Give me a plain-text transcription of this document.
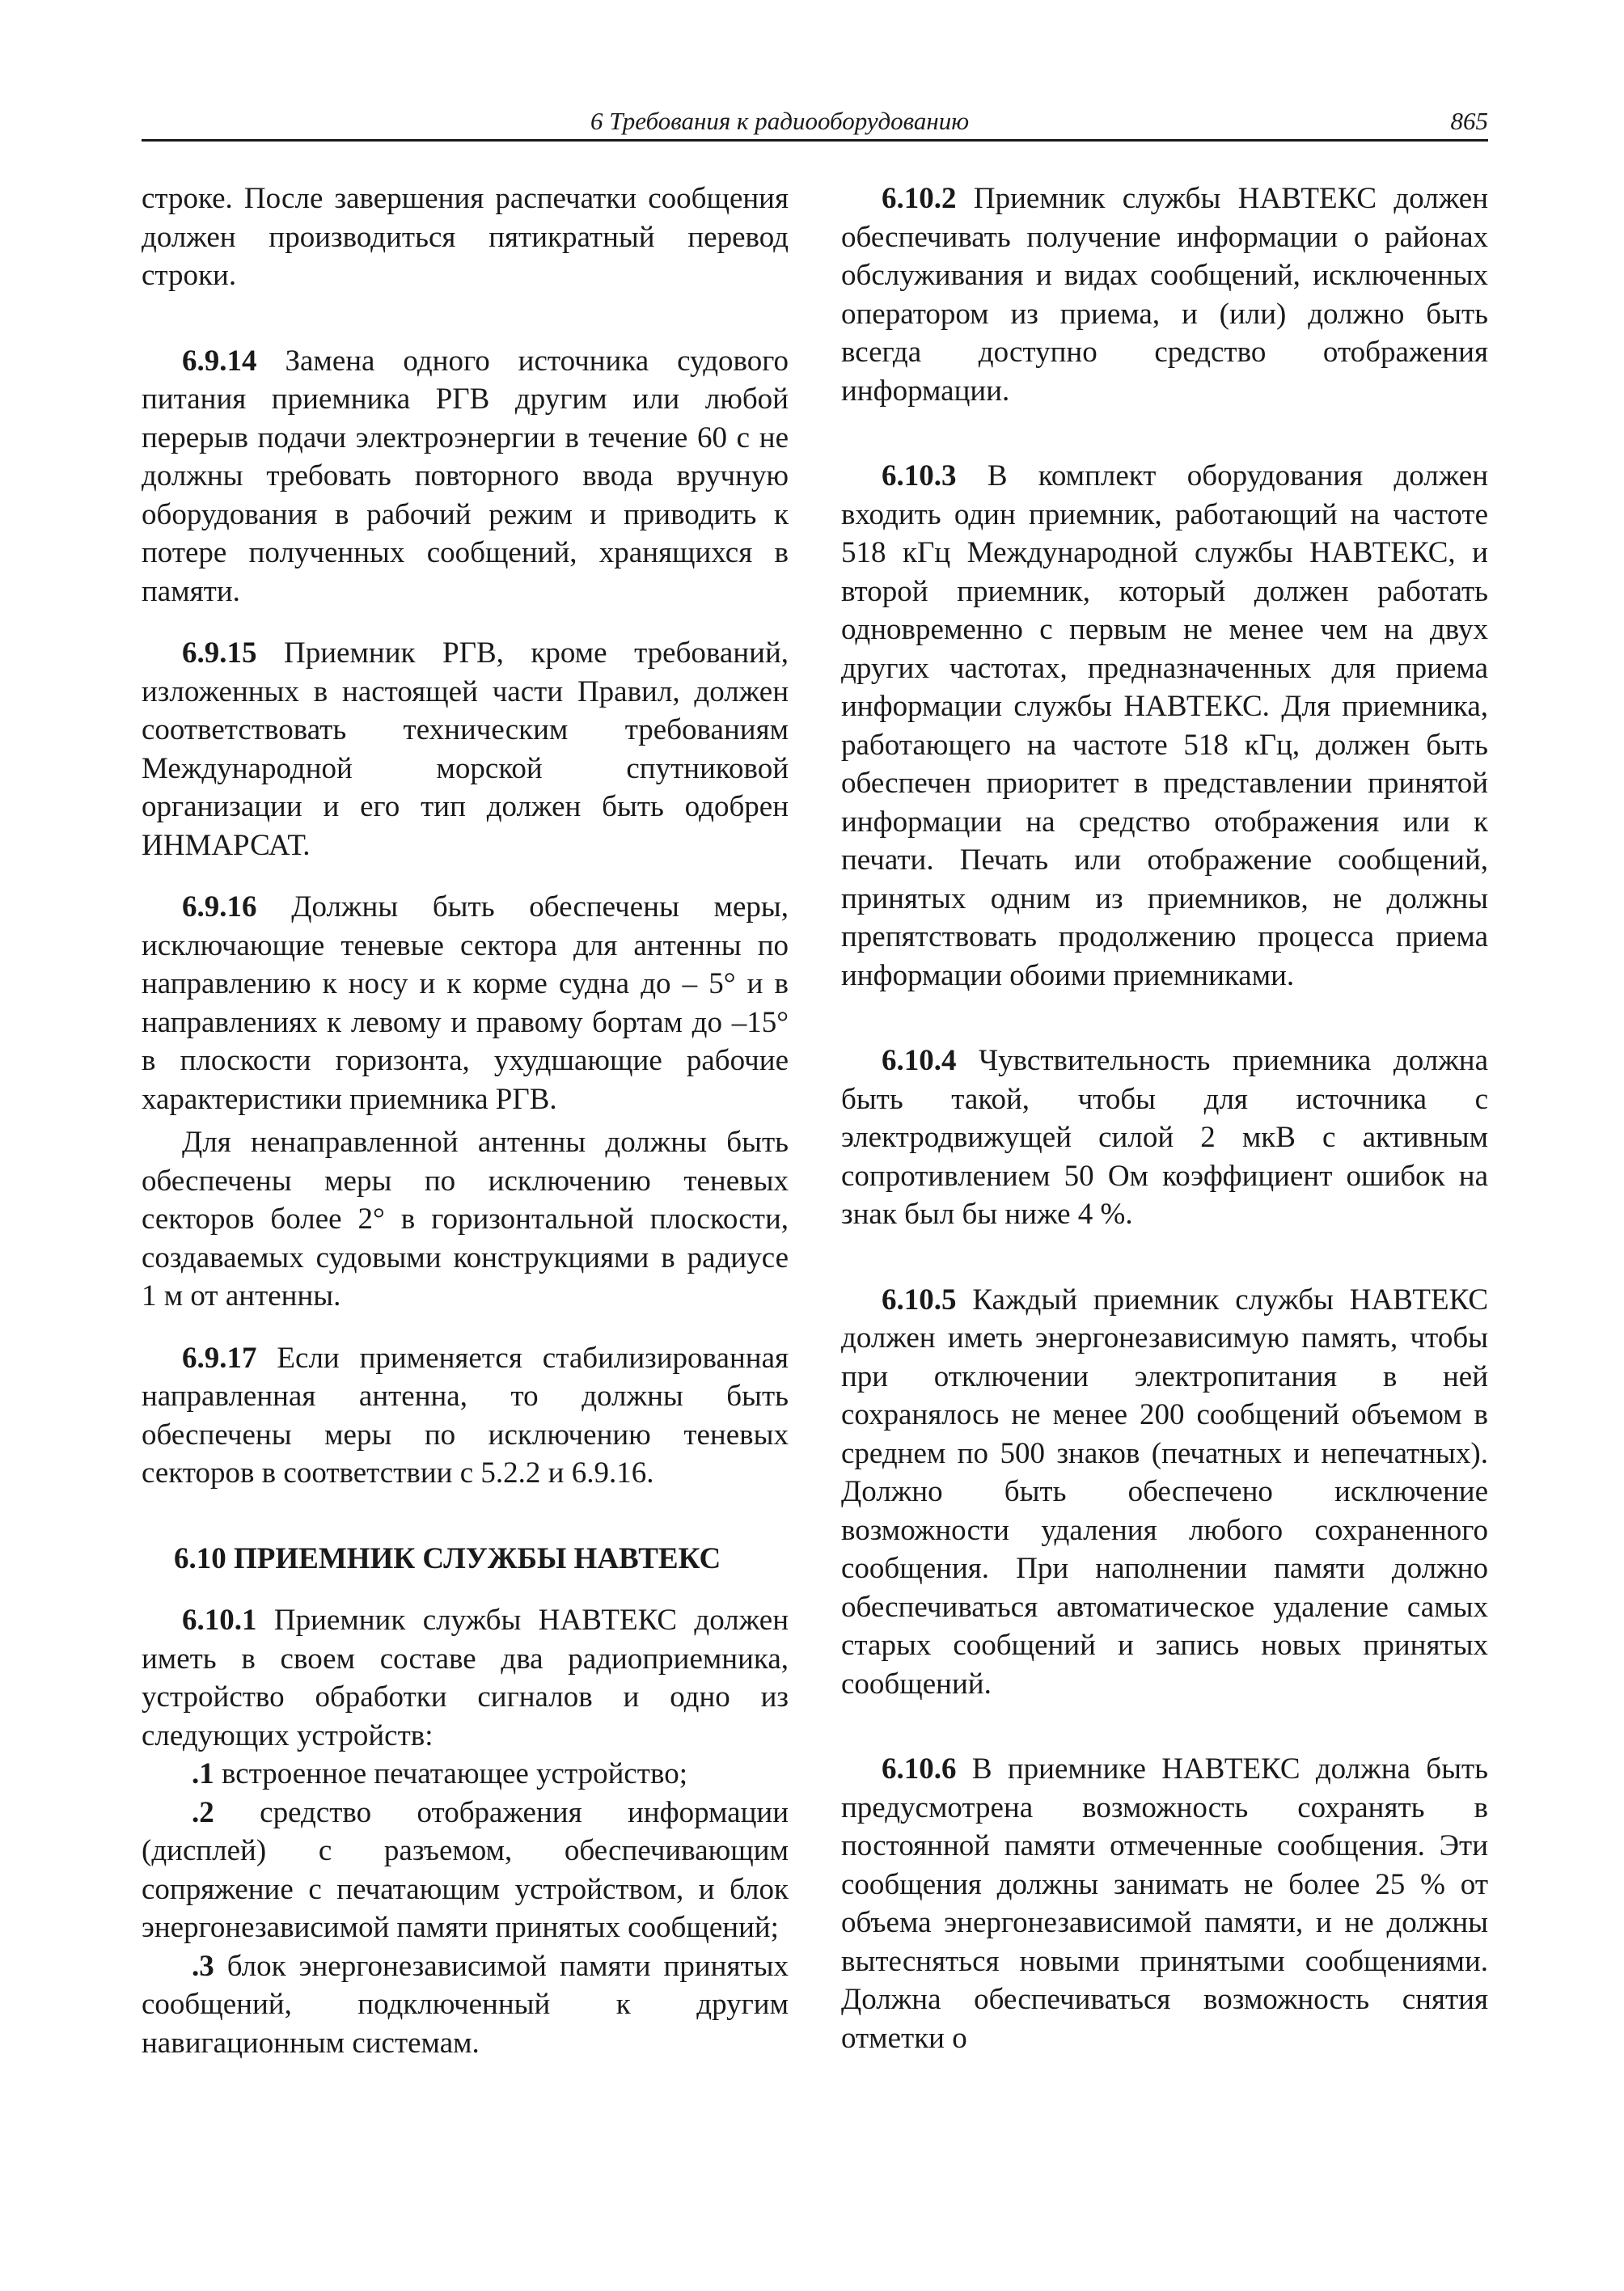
6 Требования к радиооборудованию	865

строке. После завершения распечатки сообщения должен производиться пятикратный перевод строки.

6.9.14 Замена одного источника судового питания приемника РГВ другим или любой перерыв подачи электроэнергии в течение 60 с не должны требовать повторного ввода вручную оборудования в рабочий режим и приводить к потере полученных сообщений, хранящихся в памяти.

6.9.15 Приемник РГВ, кроме требований, изложенных в настоящей части Правил, должен соответствовать техническим требованиям Международной морской спутниковой организации и его тип должен быть одобрен ИНМАРСАТ.

6.9.16 Должны быть обеспечены меры, исключающие теневые сектора для антенны по направлению к носу и к корме судна до – 5° и в направлениях к левому и правому бортам до –15° в плоскости горизонта, ухудшающие рабочие характеристики приемника РГВ.

Для ненаправленной антенны должны быть обеспечены меры по исключению теневых секторов более 2° в горизонтальной плоскости, создаваемых судовыми конструкциями в радиусе 1 м от антенны.

6.9.17 Если применяется стабилизированная направленная антенна, то должны быть обеспечены меры по исключению теневых секторов в соответствии с 5.2.2 и 6.9.16.

6.10 ПРИЕМНИК СЛУЖБЫ НАВТЕКС

6.10.1 Приемник службы НАВТЕКС должен иметь в своем составе два радиоприемника, устройство обработки сигналов и одно из следующих устройств:

.1 встроенное печатающее устройство;

.2 средство отображения информации (дисплей) с разъемом, обеспечивающим сопряжение с печатающим устройством, и блок энергонезависимой памяти принятых сообщений;

.3 блок энергонезависимой памяти принятых сообщений, подключенный к другим навигационным системам.

6.10.2 Приемник службы НАВТЕКС должен обеспечивать получение информации о районах обслуживания и видах сообщений, исключенных оператором из приема, и (или) должно быть всегда доступно средство отображения информации.

6.10.3 В комплект оборудования должен входить один приемник, работающий на частоте 518 кГц Международной службы НАВТЕКС, и второй приемник, который должен работать одновременно с первым не менее чем на двух других частотах, предназначенных для приема информации службы НАВТЕКС. Для приемника, работающего на частоте 518 кГц, должен быть обеспечен приоритет в представлении принятой информации на средство отображения или к печати. Печать или отображение сообщений, принятых одним из приемников, не должны препятствовать продолжению процесса приема информации обоими приемниками.

6.10.4 Чувствительность приемника должна быть такой, чтобы для источника с электродвижущей силой 2 мкВ с активным сопротивлением 50 Ом коэффициент ошибок на знак был бы ниже 4 %.

6.10.5 Каждый приемник службы НАВТЕКС должен иметь энергонезависимую память, чтобы при отключении электропитания в ней сохранялось не менее 200 сообщений объемом в среднем по 500 знаков (печатных и непечатных). Должно быть обеспечено исключение возможности удаления любого сохраненного сообщения. При наполнении памяти должно обеспечиваться автоматическое удаление самых старых сообщений и запись новых принятых сообщений.

6.10.6 В приемнике НАВТЕКС должна быть предусмотрена возможность сохранять в постоянной памяти отмеченные сообщения. Эти сообщения должны занимать не более 25 % от объема энергонезависимой памяти, и не должны вытесняться новыми принятыми сообщениями. Должна обеспечиваться возможность снятия отметки о
